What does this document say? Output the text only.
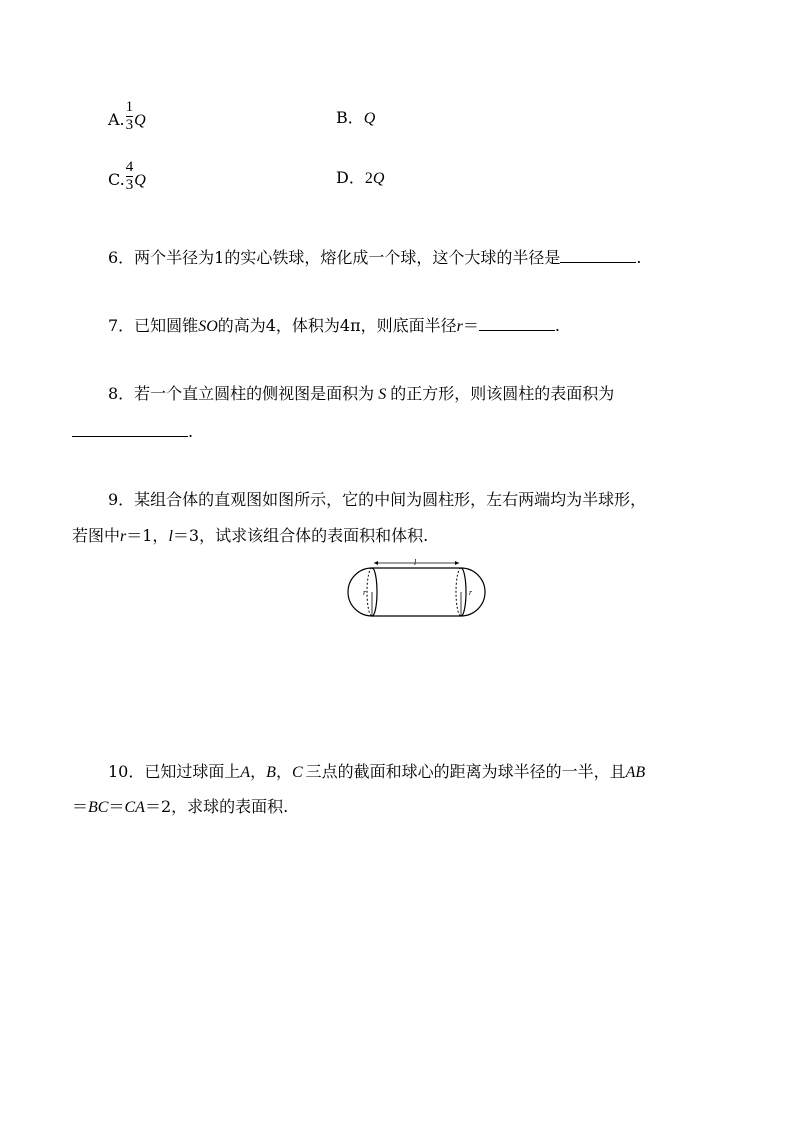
A. $\frac{1}{3}$ Q	B．Q
C. $\frac{4}{3}$ Q	D．2Q
6．两个半径为1的实心铁球，熔化成一个球，这个大球的半径是	.
7．已知圆锥SO的高为4，体积为4π，则底面半径r＝	.
8．若一个直立圆柱的侧视图是面积为 S 的正方形，则该圆柱的表面积为
.
9．某组合体的直观图如图所示，它的中间为圆柱形，左右两端均为半球形，
若图中r＝1，l＝3，试求该组合体的表面积和体积.
l
r	r
10．已知过球面上A，B，C 三点的截面和球心的距离为球半径的一半，且AB
＝BC＝CA＝2，求球的表面积.
